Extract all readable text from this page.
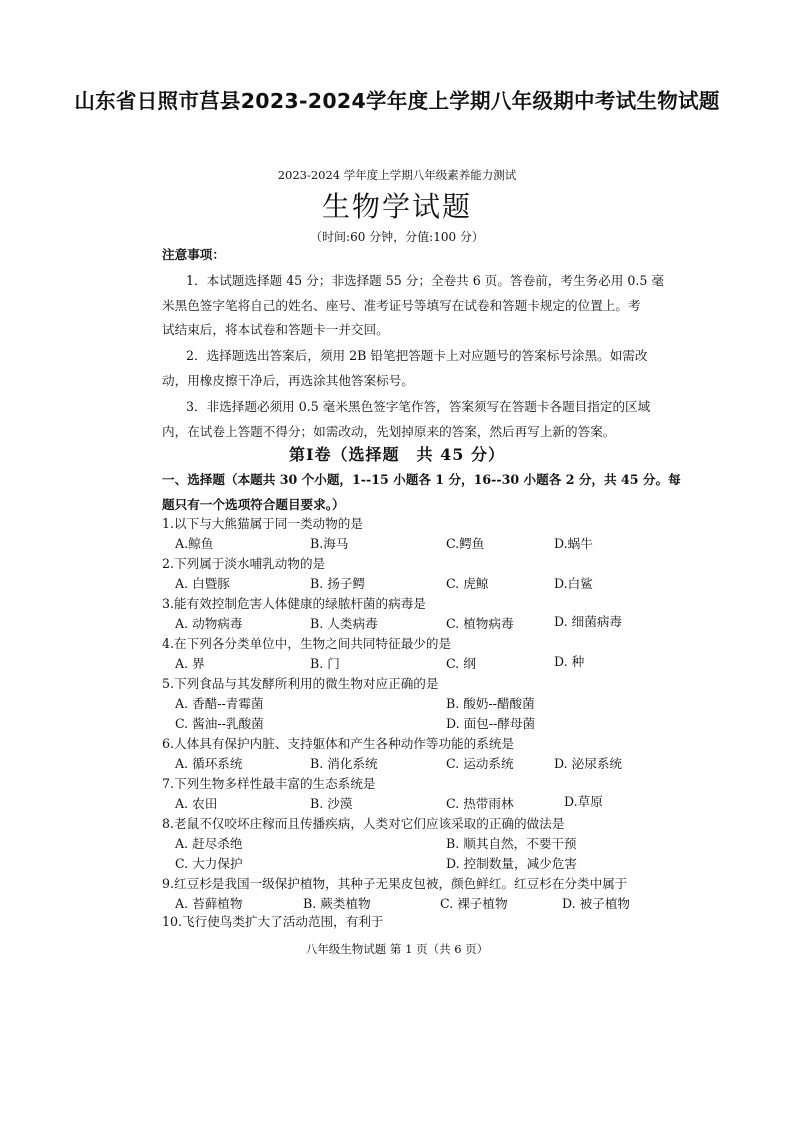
山东省日照市莒县2023-2024学年度上学期八年级期中考试生物试题
2023-2024 学年度上学期八年级素养能力测试
生物学试题
（时间:60 分钟，分值:100 分）
注意事项：
1．本试题选择题 45 分；非选择题 55 分；全卷共 6 页。答卷前，考生务必用 0.5 毫
米黑色签字笔将自己的姓名、座号、准考证号等填写在试卷和答题卡规定的位置上。考
试结束后，将本试卷和答题卡一并交回。
2．选择题选出答案后，须用 2B 铅笔把答题卡上对应题号的答案标号涂黑。如需改
动，用橡皮擦干净后，再选涂其他答案标号。
3．非选择题必须用 0.5 毫米黑色签字笔作答，答案须写在答题卡各题目指定的区域
内，在试卷上答题不得分；如需改动，先划掉原来的答案，然后再写上新的答案。
第Ⅰ卷（选择题　共 45 分）
一、选择题（本题共 30 个小题，1--15 小题各 1 分，16--30 小题各 2 分，共 45 分。每
题只有一个选项符合题目要求。）
1.以下与大熊猫属于同一类动物的是
A.鲸鱼	B.海马	C.鳄鱼	D.蜗牛
2.下列属于淡水哺乳动物的是
A. 白暨豚	B. 扬子鳄	C. 虎鲸	D.白鲨
3.能有效控制危害人体健康的绿脓杆菌的病毒是
A. 动物病毒	B. 人类病毒	C. 植物病毒	D. 细菌病毒
4.在下列各分类单位中，生物之间共同特征最少的是
A. 界	B. 门	C. 纲	D. 种
5.下列食品与其发酵所利用的微生物对应正确的是
A. 香醋--青霉菌	B. 酸奶--醋酸菌
C. 酱油--乳酸菌	D. 面包--酵母菌
6.人体具有保护内脏、支持躯体和产生各种动作等功能的系统是
A. 循环系统	B. 消化系统	C. 运动系统	D. 泌尿系统
7.下列生物多样性最丰富的生态系统是
A. 农田	B. 沙漠	C. 热带雨林	D.草原
8.老鼠不仅咬坏庄稼而且传播疾病，人类对它们应该采取的正确的做法是
A. 赶尽杀绝	B. 顺其自然，不要干预
C. 大力保护	D. 控制数量，减少危害
9.红豆杉是我国一级保护植物，其种子无果皮包被，颜色鲜红。红豆杉在分类中属于
A. 苔藓植物	B. 蕨类植物	C. 裸子植物	D. 被子植物
10.飞行使鸟类扩大了活动范围，有利于
八年级生物试题 第 1 页（共 6 页）
